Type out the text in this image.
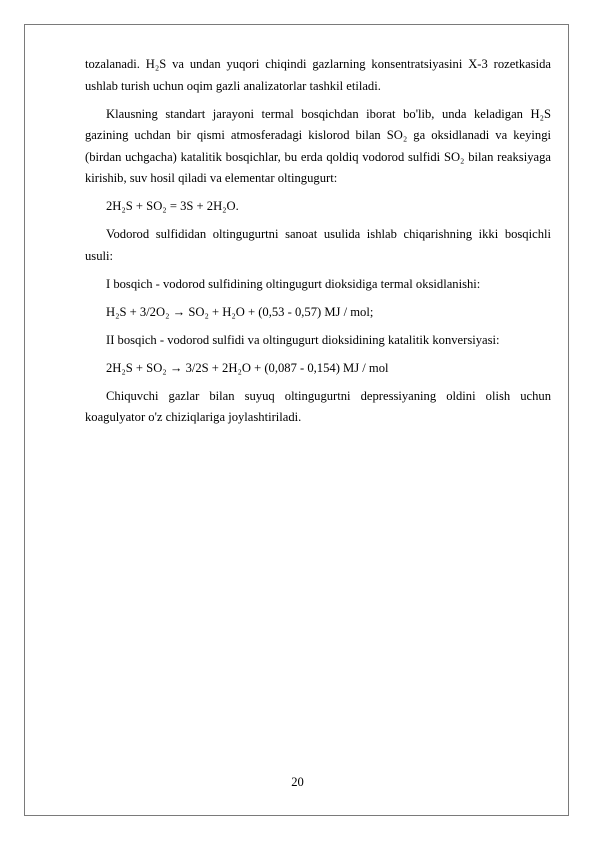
tozalanadi. H₂S va undan yuqori chiqindi gazlarning konsentratsiyasini X-3 rozetkasida ushlab turish uchun oqim gazli analizatorlar tashkil etiladi.

Klausning standart jarayoni termal bosqichdan iborat bo'lib, unda keladigan H₂S gazining uchdan bir qismi atmosferadagi kislorod bilan SO₂ ga oksidlanadi va keyingi (birdan uchgacha) katalitik bosqichlar, bu erda qoldiq vodorod sulfidi SO₂ bilan reaksiyaga kirishib, suv hosil qiladi va elementar oltingugurt:

2H₂S + SO₂ = 3S + 2H₂O.

Vodorod sulfididan oltingugurtni sanoat usulida ishlab chiqarishning ikki bosqichli usuli:

I bosqich - vodorod sulfidining oltingugurt dioksidiga termal oksidlanishi:

H₂S + 3/2O₂ → SO₂ + H₂O + (0,53 - 0,57) MJ / mol;

II bosqich - vodorod sulfidi va oltingugurt dioksidining katalitik konversiyasi:

2H₂S + SO₂ → 3/2S + 2H₂O + (0,087 - 0,154) MJ / mol

Chiquvchi gazlar bilan suyuq oltingugurtni depressiyaning oldini olish uchun koagulyator o'z chiziqlariga joylashtiriladi.

20
